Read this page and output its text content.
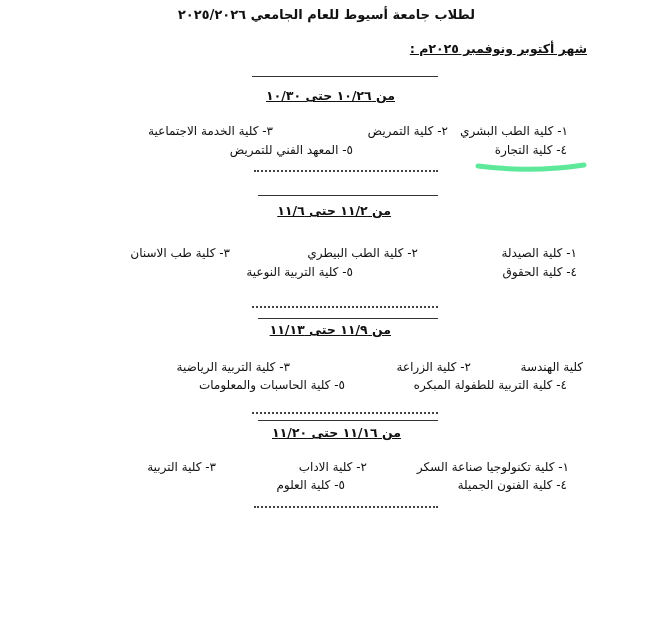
لطلاب جامعة أسيوط للعام الجامعي ٢٠٢٥/٢٠٢٦
شهر أكتوبر ونوفمبر ٢٠٢٥م :
من ١٠/٢٦ حتى ١٠/٣٠
١- كلية الطب البشري
٢- كلية التمريض
٣- كلية الخدمة الاجتماعية
٤- كلية التجارة
٥- المعهد الفني للتمريض
من ١١/٢ حتى ١١/٦
١- كلية الصيدلة
٢- كلية الطب البيطري
٣- كلية طب الاسنان
٤- كلية الحقوق
٥- كلية التربية النوعية
من ١١/٩ حتى ١١/١٣
كلية الهندسة
٢- كلية الزراعة
٣- كلية التربية الرياضية
٤- كلية التربية للطفولة المبكره
٥- كلية الحاسبات والمعلومات
من ١١/١٦ حتى ١١/٢٠
١- كلية تكنولوجيا صناعة السكر
٢- كلية الاداب
٣- كلية التربية
٤- كلية الفنون الجميلة
٥- كلية العلوم
